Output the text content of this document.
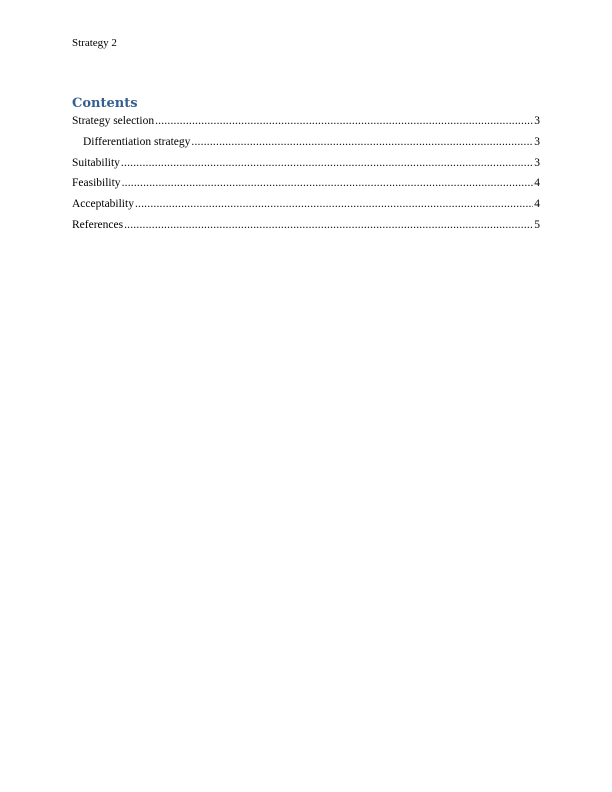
Strategy 2
Contents
Strategy selection .....	3
Differentiation strategy .....	3
Suitability .....	3
Feasibility .....	4
Acceptability .....	4
References .....	5
